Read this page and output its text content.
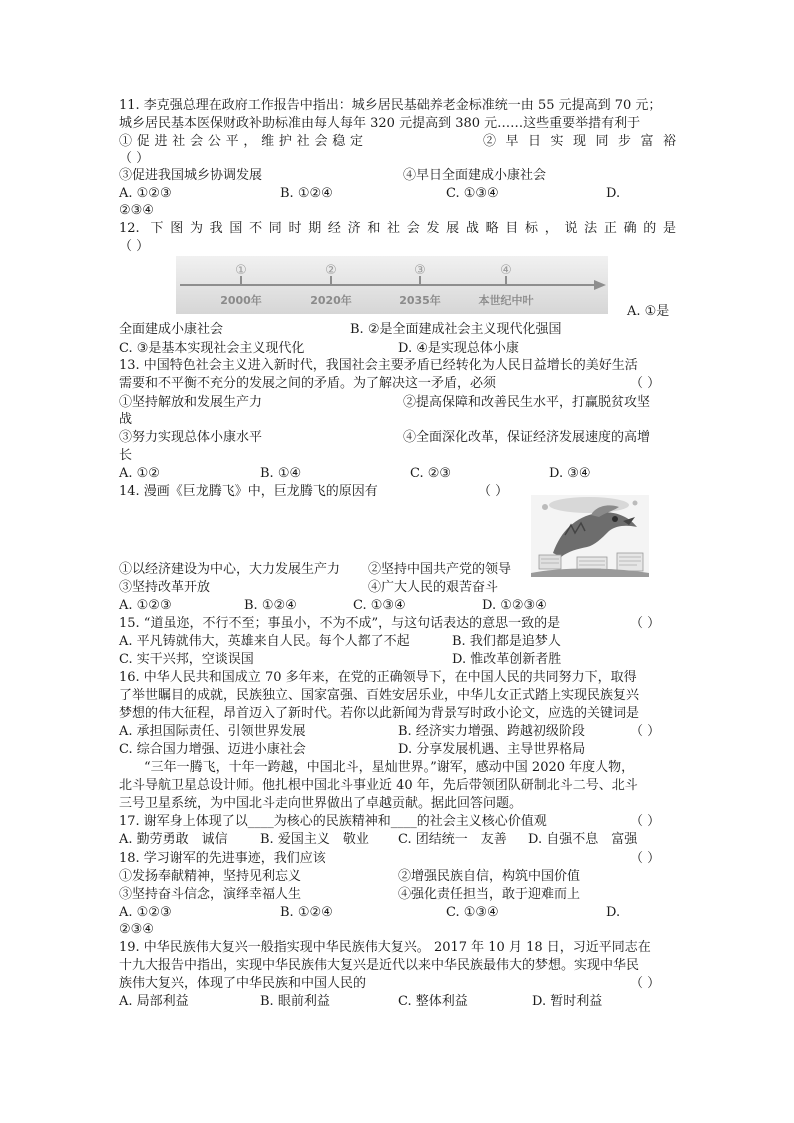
11. 李克强总理在政府工作报告中指出：城乡居民基础养老金标准统一由 55 元提高到 70 元；
城乡居民基本医保财政补助标准由每人每年 320 元提高到 380 元……这些重要举措有利于
①促进社会公平，维护社会稳定	②早日实现同步富裕
（ ）
③促进我国城乡协调发展	④早日全面建成小康社会
A. ①②③	B. ①②④	C. ①③④	D.
②③④
12. 下图为我国不同时期经济和社会发展战略目标，说法正确的是
（ ）
①
2000年
②
2020年
③
2035年
④
本世纪中叶
A. ①是
全面建成小康社会	B. ②是全面建成社会主义现代化强国
C. ③是基本实现社会主义现代化	D. ④是实现总体小康
13. 中国特色社会主义进入新时代，我国社会主要矛盾已经转化为人民日益增长的美好生活
需要和不平衡不充分的发展之间的矛盾。为了解决这一矛盾，必须	（ ）
①坚持解放和发展生产力	②提高保障和改善民生水平，打赢脱贫攻坚
战
③努力实现总体小康水平	④全面深化改革，保证经济发展速度的高增
长
A. ①②	B. ①④	C. ②③	D. ③④
14. 漫画《巨龙腾飞》中，巨龙腾飞的原因有	（ ）
①以经济建设为中心，大力发展生产力 ②坚持中国共产党的领导
③坚持改革开放	④广大人民的艰苦奋斗
A. ①②③	B. ①②④	C. ①③④	D. ①②③④
15. “道虽迩，不行不至；事虽小，不为不成”，与这句话表达的意思一致的是	（ ）
A. 平凡铸就伟大，英雄来自人民。每个人都了不起	B. 我们都是追梦人
C. 实干兴邦，空谈误国	D. 惟改革创新者胜
16. 中华人民共和国成立 70 多年来，在党的正确领导下，在中国人民的共同努力下，取得
了举世瞩目的成就，民族独立、国家富强、百姓安居乐业，中华儿女正式踏上实现民族复兴
梦想的伟大征程，昂首迈入了新时代。若你以此新闻为背景写时政小论文，应选的关键词是
A. 承担国际责任、引领世界发展	B. 经济实力增强、跨越初级阶段	（ ）
C. 综合国力增强、迈进小康社会	D. 分享发展机遇、主导世界格局
“三年一腾飞，十年一跨越，中国北斗，星灿世界。”谢军，感动中国 2020 年度人物，
北斗导航卫星总设计师。他扎根中国北斗事业近 40 年，先后带领团队研制北斗二号、北斗
三号卫星系统，为中国北斗走向世界做出了卓越贡献。据此回答问题。
17. 谢军身上体现了以____为核心的民族精神和____的社会主义核心价值观	（ ）
A. 勤劳勇敢　诚信 B. 爱国主义　敬业 C. 团结统一　友善 D. 自强不息　富强
18. 学习谢军的先进事迹，我们应该	（ ）
①发扬奉献精神，坚持见利忘义	②增强民族自信，构筑中国价值
③坚持奋斗信念，演绎幸福人生	④强化责任担当，敢于迎难而上
A. ①②③	B. ①②④	C. ①③④	D.
②③④
19. 中华民族伟大复兴一般指实现中华民族伟大复兴。 2017 年 10 月 18 日，习近平同志在
十九大报告中指出，实现中华民族伟大复兴是近代以来中华民族最伟大的梦想。实现中华民
族伟大复兴，体现了中华民族和中国人民的	（ ）
A. 局部利益	B. 眼前利益	C. 整体利益	D. 暂时利益
